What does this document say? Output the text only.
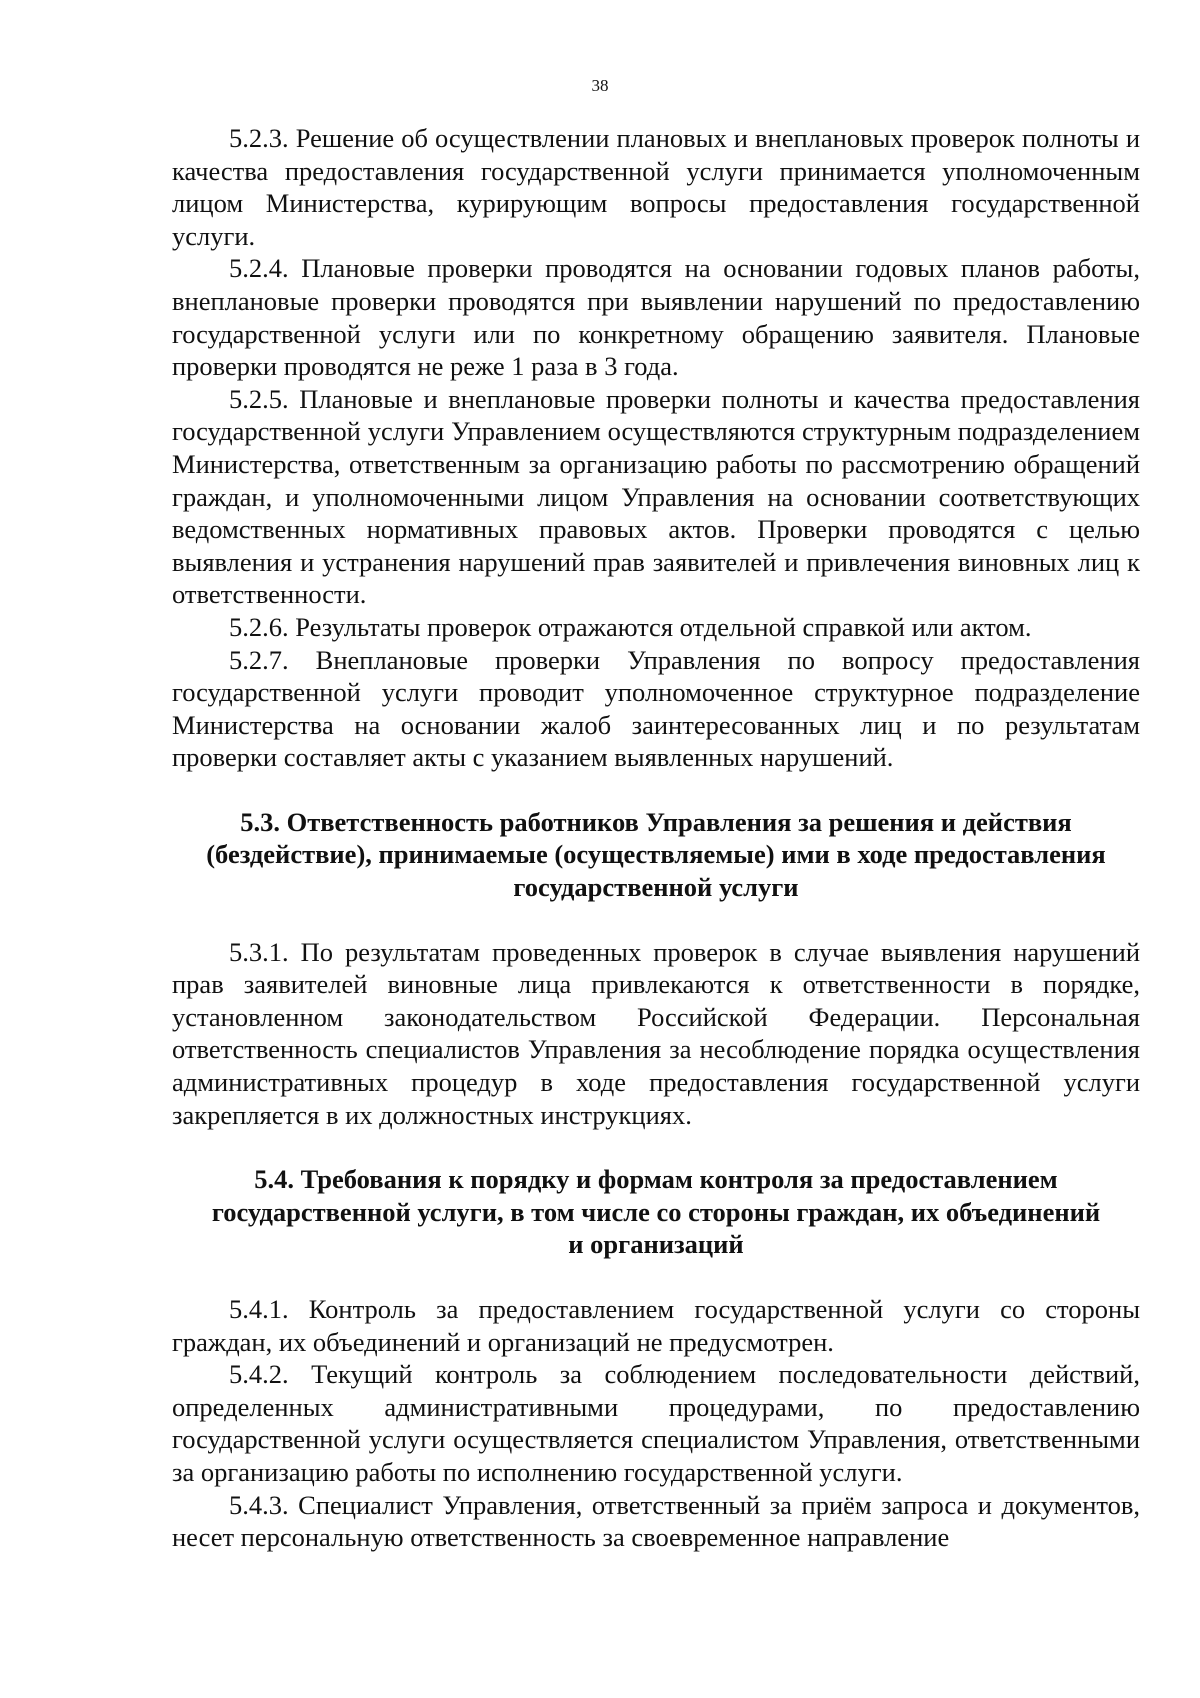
38

5.2.3. Решение об осуществлении плановых и внеплановых проверок полноты и качества предоставления государственной услуги принимается уполномоченным лицом Министерства, курирующим вопросы предоставления государственной услуги.

5.2.4. Плановые проверки проводятся на основании годовых планов работы, внеплановые проверки проводятся при выявлении нарушений по предоставлению государственной услуги или по конкретному обращению заявителя. Плановые проверки проводятся не реже 1 раза в 3 года.

5.2.5. Плановые и внеплановые проверки полноты и качества предоставления государственной услуги Управлением осуществляются структурным подразделением Министерства, ответственным за организацию работы по рассмотрению обращений граждан, и уполномоченными лицом Управления на основании соответствующих ведомственных нормативных правовых актов. Проверки проводятся с целью выявления и устранения нарушений прав заявителей и привлечения виновных лиц к ответственности.

5.2.6. Результаты проверок отражаются отдельной справкой или актом.

5.2.7. Внеплановые проверки Управления по вопросу предоставления государственной услуги проводит уполномоченное структурное подразделение Министерства на основании жалоб заинтересованных лиц и по результатам проверки составляет акты с указанием выявленных нарушений.

5.3. Ответственность работников Управления за решения и действия
(бездействие), принимаемые (осуществляемые) ими в ходе предоставления
государственной услуги

5.3.1. По результатам проведенных проверок в случае выявления нарушений прав заявителей виновные лица привлекаются к ответственности в порядке, установленном законодательством Российской Федерации. Персональная ответственность специалистов Управления за несоблюдение порядка осуществления административных процедур в ходе предоставления государственной услуги закрепляется в их должностных инструкциях.

5.4. Требования к порядку и формам контроля за предоставлением
государственной услуги, в том числе со стороны граждан, их объединений
и организаций

5.4.1. Контроль за предоставлением государственной услуги со стороны граждан, их объединений и организаций не предусмотрен.

5.4.2. Текущий контроль за соблюдением последовательности действий, определенных административными процедурами, по предоставлению государственной услуги осуществляется специалистом Управления, ответственными за организацию работы по исполнению государственной услуги.

5.4.3. Специалист Управления, ответственный за приём запроса и документов, несет персональную ответственность за своевременное направление
